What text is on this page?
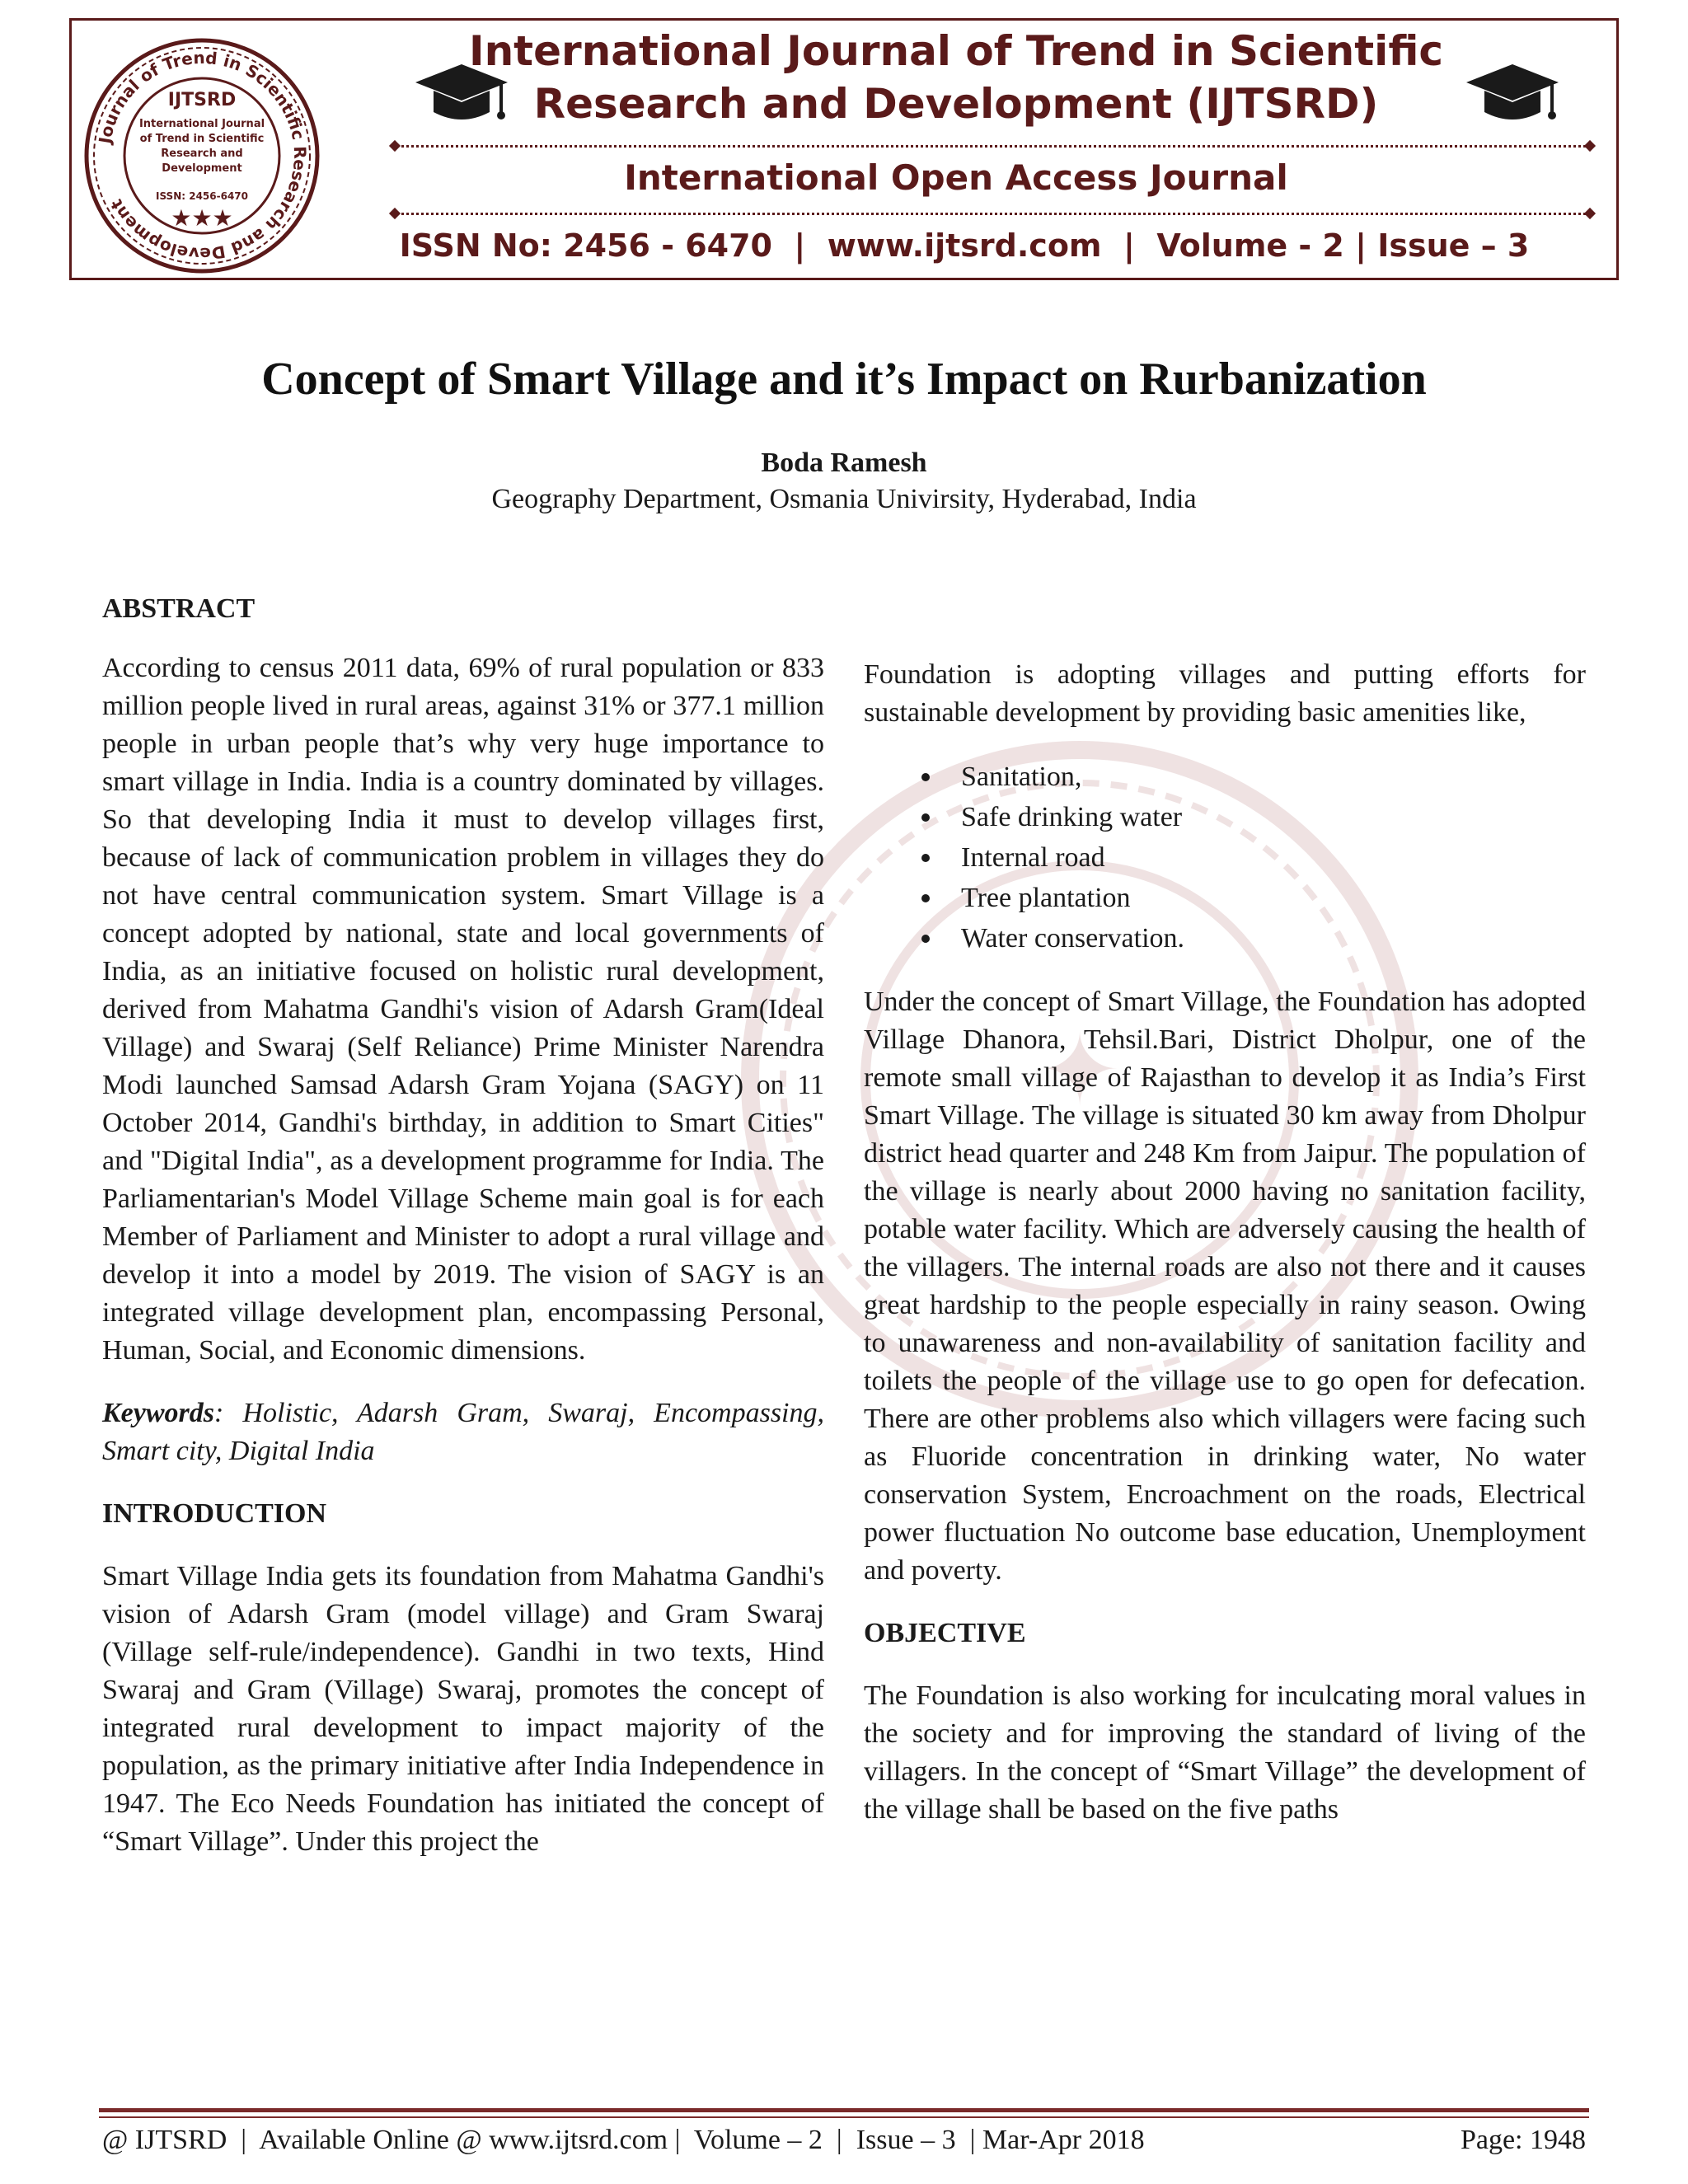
Journal of Trend in Scientific Research and Development
IJTSRD
International Journal
of Trend in Scientific
Research and
Development
ISSN: 2456-6470
★★★
International Journal of Trend in Scientific
Research and Development (IJTSRD)
International Open Access Journal
ISSN No: 2456 - 6470  |  www.ijtsrd.com  |  Volume - 2 | Issue – 3
Concept of Smart Village and it’s Impact on Rurbanization
Boda Ramesh
Geography Department, Osmania Univirsity, Hyderabad, India
✦
ABSTRACT

According to census 2011 data, 69% of rural population or 833 million people lived in rural areas, against 31% or 377.1 million people in urban people that’s why very huge importance to smart village in India. India is a country dominated by villages. So that developing India it must to develop villages first, because of lack of communication problem in villages they do not have central communication system. Smart Village is a concept adopted by national, state and local governments of India, as an initiative focused on holistic rural development, derived from Mahatma Gandhi's vision of Adarsh Gram(Ideal Village) and Swaraj (Self Reliance) Prime Minister Narendra Modi launched Samsad Adarsh Gram Yojana (SAGY) on 11 October 2014, Gandhi's birthday, in addition to Smart Cities" and "Digital India", as a development programme for India. The Parliamentarian's Model Village Scheme main goal is for each Member of Parliament and Minister to adopt a rural village and develop it into a model by 2019. The vision of SAGY is an integrated village development plan, encompassing Personal, Human, Social, and Economic dimensions.

Keywords: Holistic, Adarsh Gram, Swaraj, Encompassing, Smart city, Digital India

INTRODUCTION

Smart Village India gets its foundation from Mahatma Gandhi's vision of Adarsh Gram (model village) and Gram Swaraj (Village self-rule/independence). Gandhi in two texts, Hind Swaraj and Gram (Village) Swaraj, promotes the concept of integrated rural development to impact majority of the population, as the primary initiative after India Independence in 1947. The Eco Needs Foundation has initiated the concept of “Smart Village”. Under this project the

Foundation is adopting villages and putting efforts for sustainable development by providing basic amenities like,

Sanitation,
Safe drinking water
Internal road
Tree plantation
Water conservation.

Under the concept of Smart Village, the Foundation has adopted Village Dhanora, Tehsil.Bari, District Dholpur, one of the remote small village of Rajasthan to develop it as India’s First Smart Village. The village is situated 30 km away from Dholpur district head quarter and 248 Km from Jaipur. The population of the village is nearly about 2000 having no sanitation facility, potable water facility. Which are adversely causing the health of the villagers. The internal roads are also not there and it causes great hardship to the people especially in rainy season. Owing to unawareness and non-availability of sanitation facility and toilets the people of the village use to go open for defecation. There are other problems also which villagers were facing such as Fluoride concentration in drinking water, No water conservation System, Encroachment on the roads, Electrical power fluctuation No outcome base education, Unemployment and poverty.

OBJECTIVE

The Foundation is also working for inculcating moral values in the society and for improving the standard of living of the villagers. In the concept of “Smart Village” the development of the village shall be based on the five paths

@ IJTSRD  |  Available Online @ www.ijtsrd.com |  Volume – 2  |  Issue – 3  | Mar-Apr 2018	Page: 1948
